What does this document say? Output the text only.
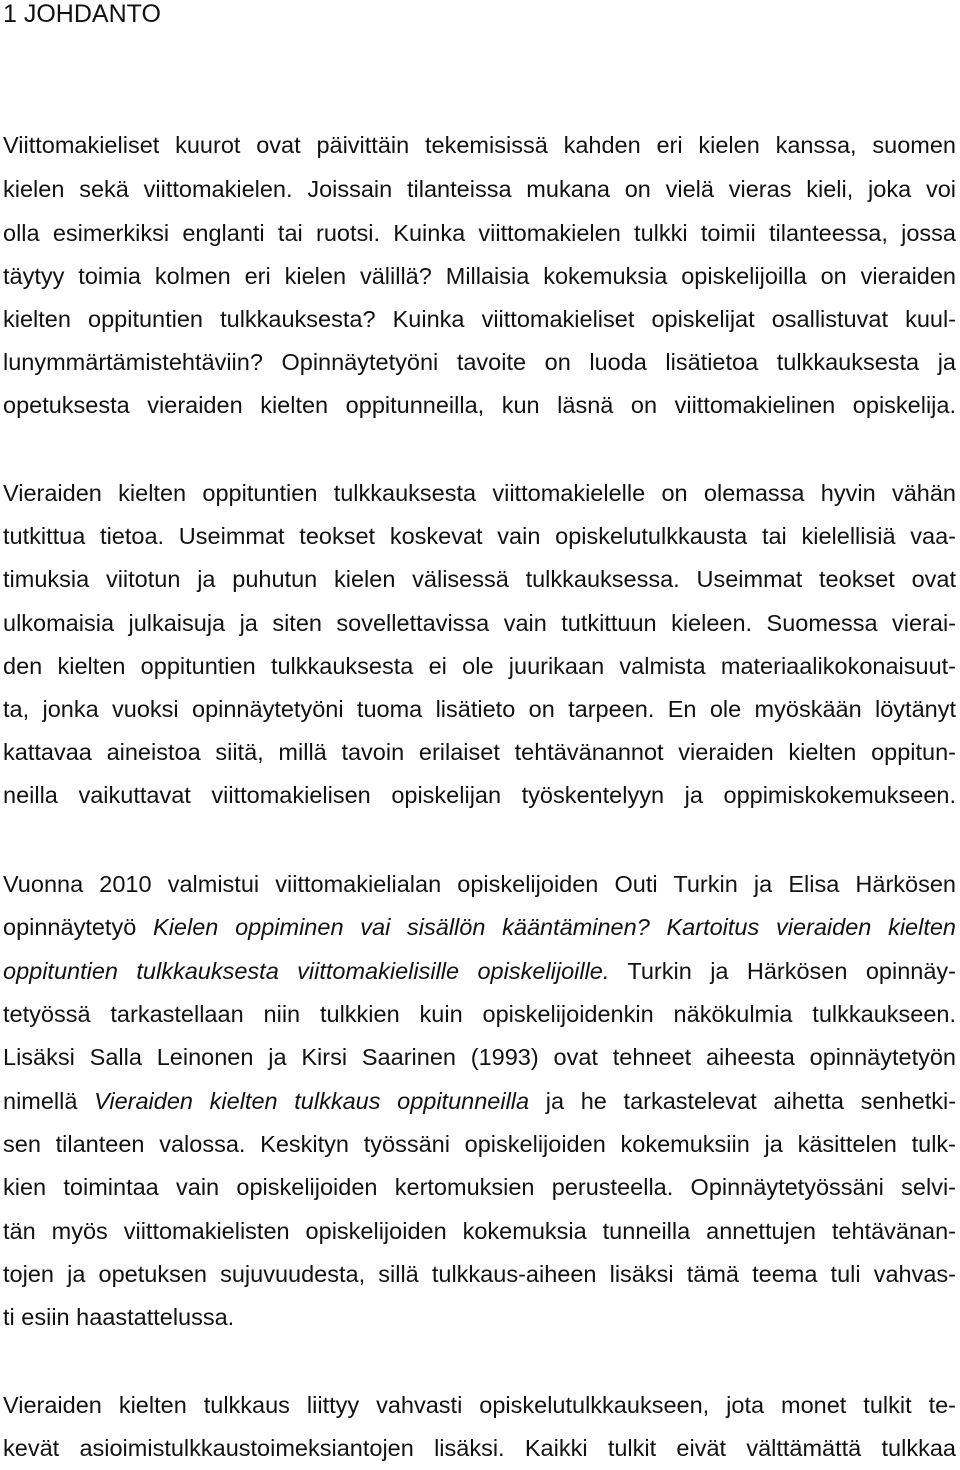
1 JOHDANTO
Viittomakieliset kuurot ovat päivittäin tekemisissä kahden eri kielen kanssa, suomen
kielen sekä viittomakielen. Joissain tilanteissa mukana on vielä vieras kieli, joka voi
olla esimerkiksi englanti tai ruotsi. Kuinka viittomakielen tulkki toimii tilanteessa, jossa
täytyy toimia kolmen eri kielen välillä? Millaisia kokemuksia opiskelijoilla on vieraiden
kielten oppituntien tulkkauksesta? Kuinka viittomakieliset opiskelijat osallistuvat kuul-
lunymmärtämistehtäviin? Opinnäytetyöni tavoite on luoda lisätietoa tulkkauksesta ja
opetuksesta vieraiden kielten oppitunneilla, kun läsnä on viittomakielinen opiskelija.
Vieraiden kielten oppituntien tulkkauksesta viittomakielelle on olemassa hyvin vähän
tutkittua tietoa. Useimmat teokset koskevat vain opiskelutulkkausta tai kielellisiä vaa-
timuksia viitotun ja puhutun kielen välisessä tulkkauksessa. Useimmat teokset ovat
ulkomaisia julkaisuja ja siten sovellettavissa vain tutkittuun kieleen. Suomessa vierai-
den kielten oppituntien tulkkauksesta ei ole juurikaan valmista materiaalikokonaisuut-
ta, jonka vuoksi opinnäytetyöni tuoma lisätieto on tarpeen. En ole myöskään löytänyt
kattavaa aineistoa siitä, millä tavoin erilaiset tehtävänannot vieraiden kielten oppitun-
neilla vaikuttavat viittomakielisen opiskelijan työskentelyyn ja oppimiskokemukseen.
Vuonna 2010 valmistui viittomakielialan opiskelijoiden Outi Turkin ja Elisa Härkösen
opinnäytetyö Kielen oppiminen vai sisällön kääntäminen? Kartoitus vieraiden kielten
oppituntien tulkkauksesta viittomakielisille opiskelijoille. Turkin ja Härkösen opinnäy-
tetyössä tarkastellaan niin tulkkien kuin opiskelijoidenkin näkökulmia tulkkaukseen.
Lisäksi Salla Leinonen ja Kirsi Saarinen (1993) ovat tehneet aiheesta opinnäytetyön
nimellä Vieraiden kielten tulkkaus oppitunneilla ja he tarkastelevat aihetta senhetki-
sen tilanteen valossa. Keskityn työssäni opiskelijoiden kokemuksiin ja käsittelen tulk-
kien toimintaa vain opiskelijoiden kertomuksien perusteella. Opinnäytetyössäni selvi-
tän myös viittomakielisten opiskelijoiden kokemuksia tunneilla annettujen tehtävänan-
tojen ja opetuksen sujuvuudesta, sillä tulkkaus-aiheen lisäksi tämä teema tuli vahvas-
ti esiin haastattelussa.
Vieraiden kielten tulkkaus liittyy vahvasti opiskelutulkkaukseen, jota monet tulkit te-
kevät asioimistulkkaustoimeksiantojen lisäksi. Kaikki tulkit eivät välttämättä tulkkaa
